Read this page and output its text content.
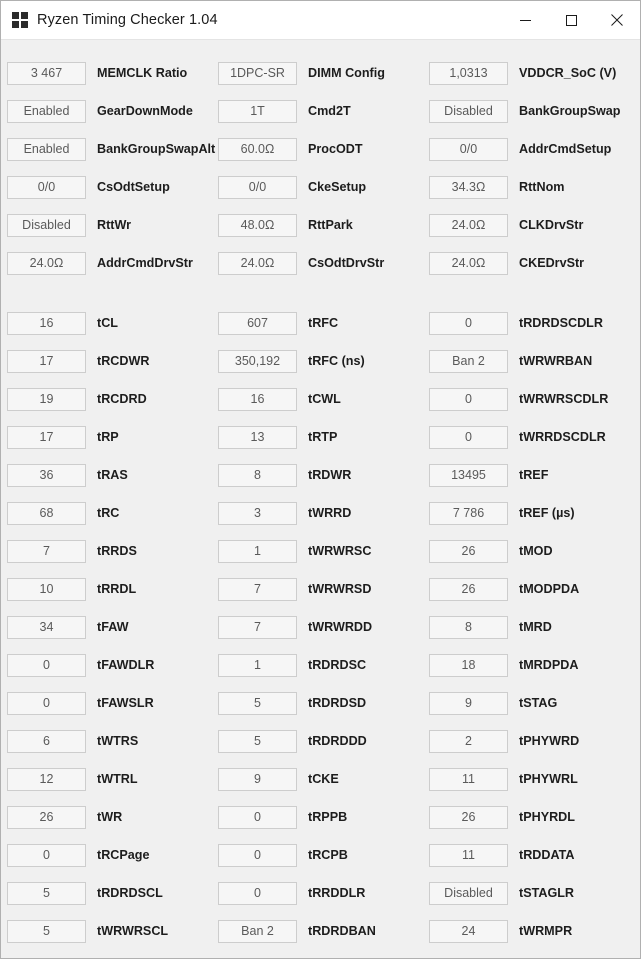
Ryzen Timing Checker 1.04
3 467	MEMCLK Ratio	1DPC-SR	DIMM Config	1,0313	VDDCR_SoC (V)
Enabled	GearDownMode	1T	Cmd2T	Disabled	BankGroupSwap
Enabled	BankGroupSwapAlt	60.0Ω	ProcODT	0/0	AddrCmdSetup
0/0	CsOdtSetup	0/0	CkeSetup	34.3Ω	RttNom
Disabled	RttWr	48.0Ω	RttPark	24.0Ω	CLKDrvStr
24.0Ω	AddrCmdDrvStr	24.0Ω	CsOdtDrvStr	24.0Ω	CKEDrvStr
16	tCL	607	tRFC	0	tRDRDSCDLR
17	tRCDWR	350,192	tRFC (ns)	Ban 2	tWRWRBAN
19	tRCDRD	16	tCWL	0	tWRWRSCDLR
17	tRP	13	tRTP	0	tWRRDSCDLR
36	tRAS	8	tRDWR	13495	tREF
68	tRC	3	tWRRD	7 786	tREF (µs)
7	tRRDS	1	tWRWRSC	26	tMOD
10	tRRDL	7	tWRWRSD	26	tMODPDA
34	tFAW	7	tWRWRDD	8	tMRD
0	tFAWDLR	1	tRDRDSC	18	tMRDPDA
0	tFAWSLR	5	tRDRDSD	9	tSTAG
6	tWTRS	5	tRDRDDD	2	tPHYWRD
12	tWTRL	9	tCKE	11	tPHYWRL
26	tWR	0	tRPPB	26	tPHYRDL
0	tRCPage	0	tRCPB	11	tRDDATA
5	tRDRDSCL	0	tRRDDLR	Disabled	tSTAGLR
5	tWRWRSCL	Ban 2	tRDRDBAN	24	tWRMPR
